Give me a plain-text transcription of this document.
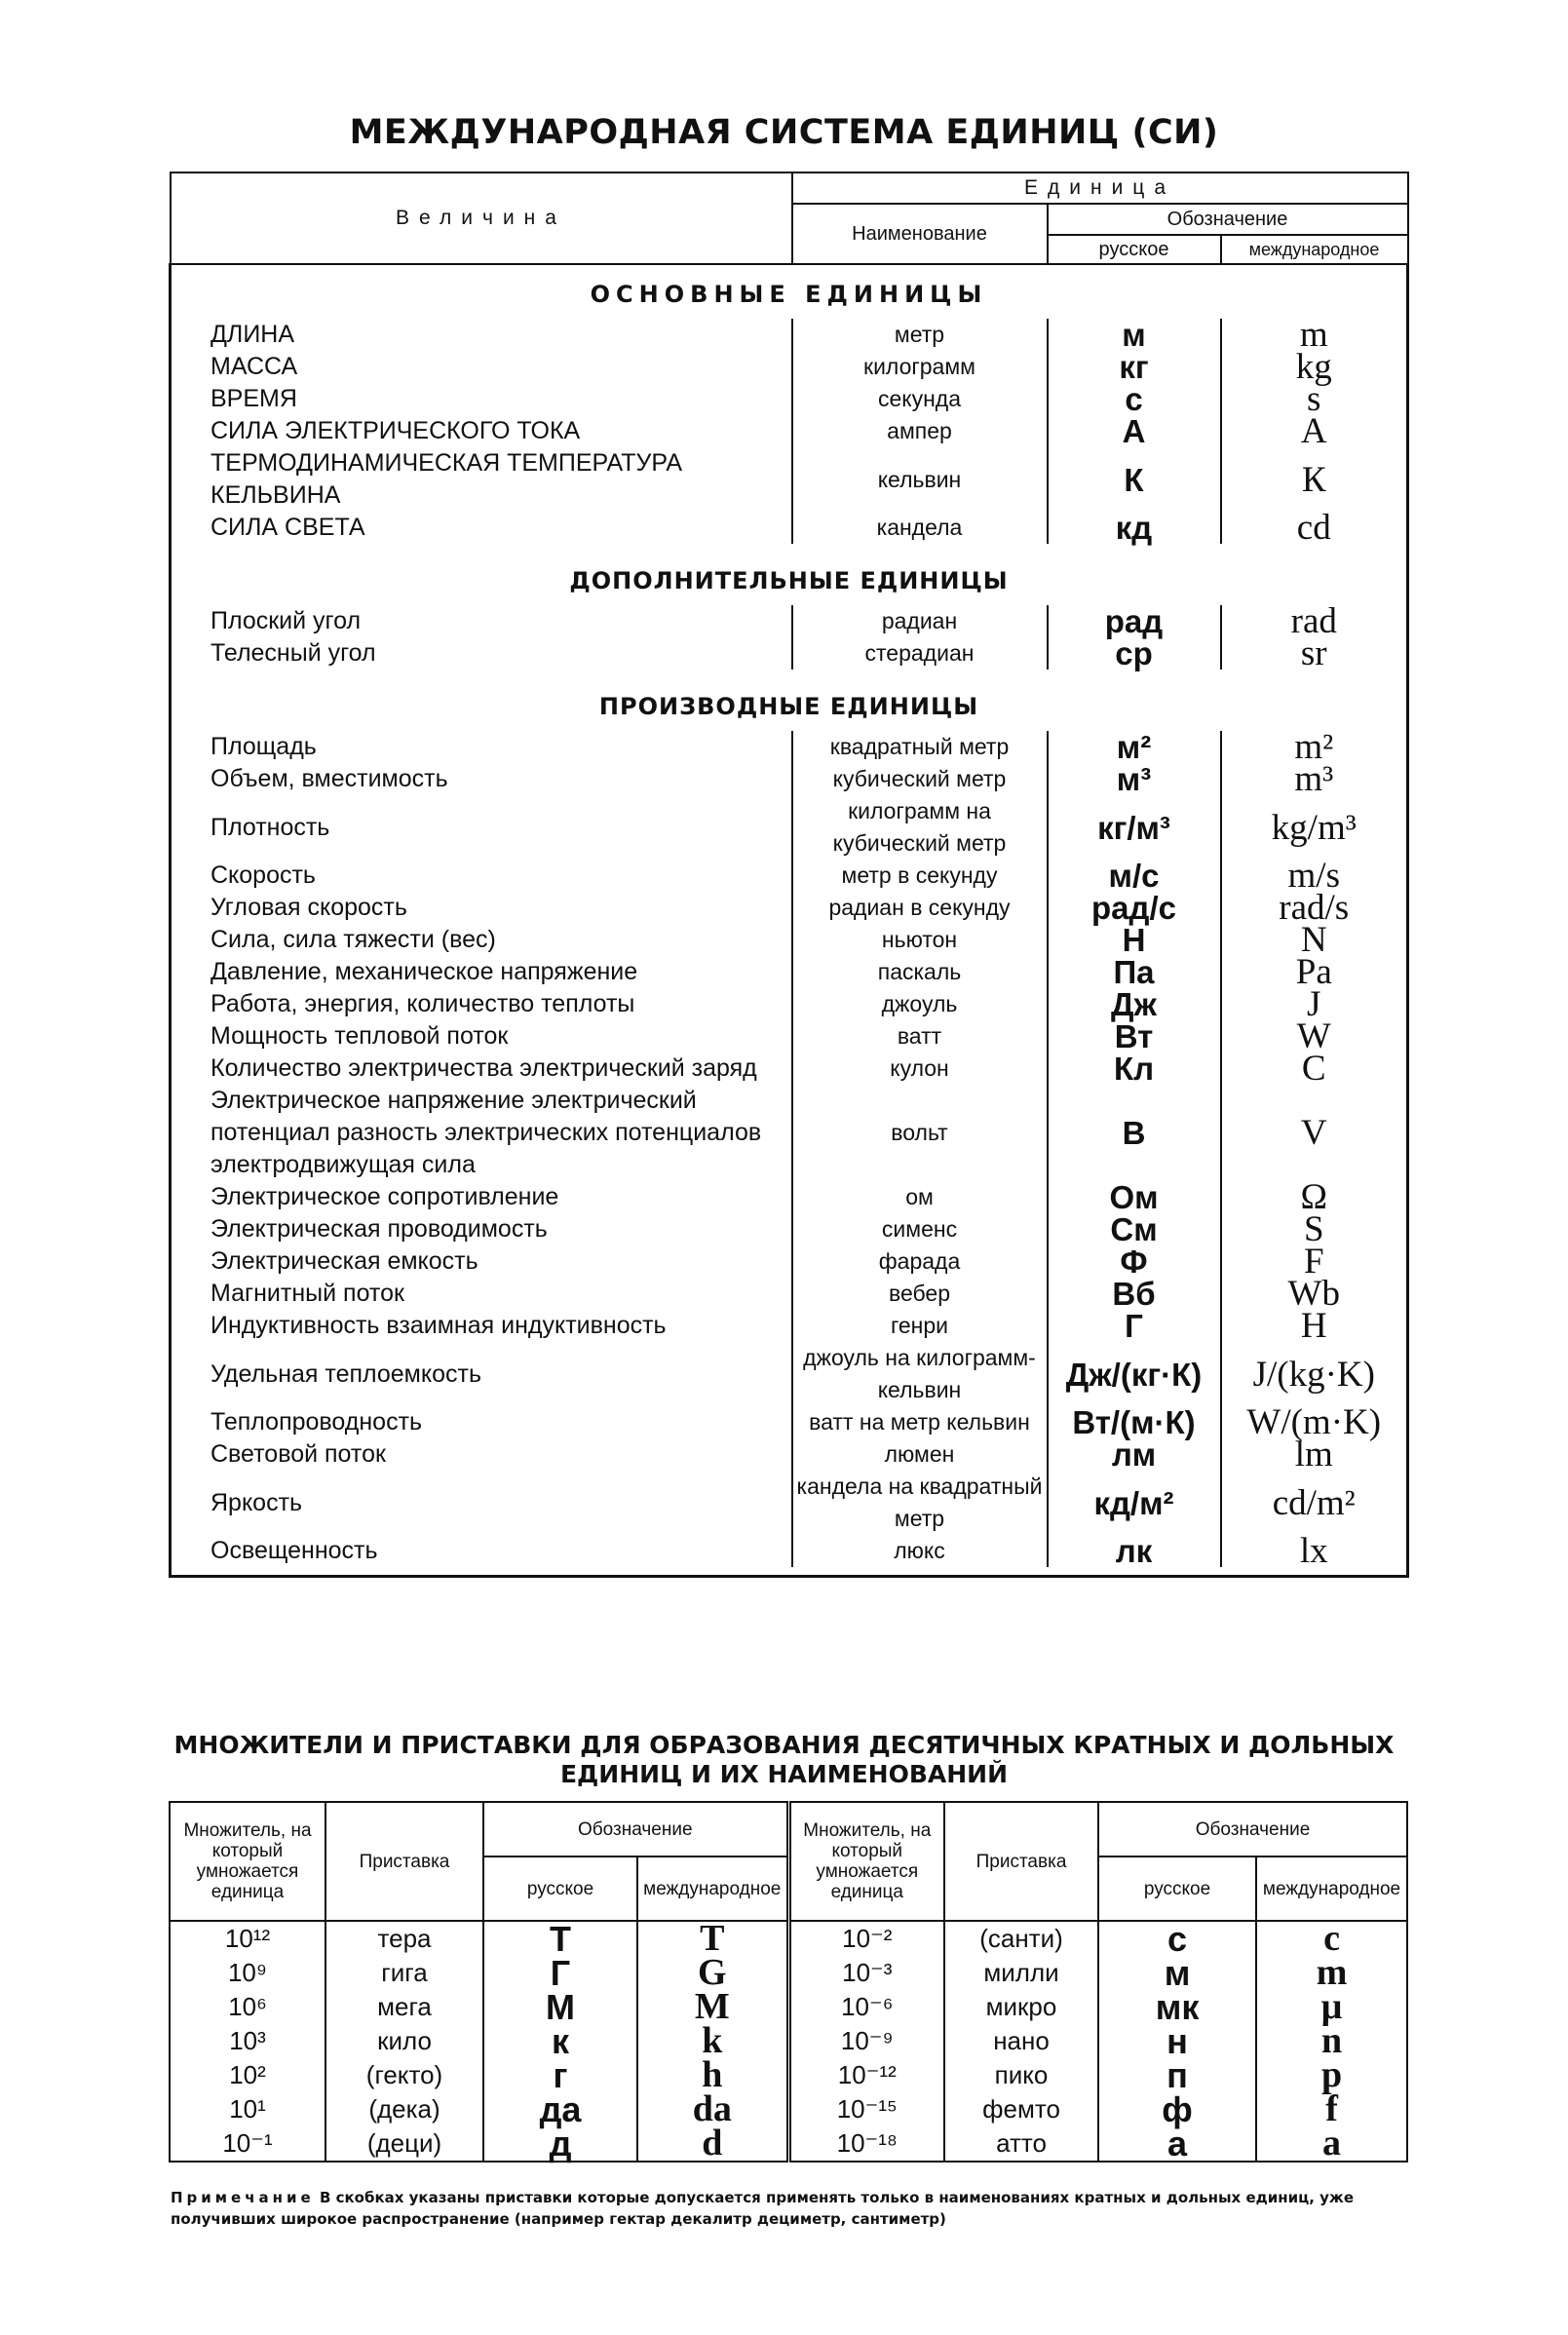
МЕЖДУНАРОДНАЯ СИСТЕМА ЕДИНИЦ (СИ)
Величина	Единица		
	Наименование	Обозначение	
		русское	международное
ОСНОВНЫЕ ЕДИНИЦЫ			
ДЛИНА	метр	м	m
МАССА	килограмм	кг	kg
ВРЕМЯ	секунда	с	s
СИЛА ЭЛЕКТРИЧЕСКОГО ТОКА	ампер	А	А
ТЕРМОДИНАМИЧЕСКАЯ ТЕМПЕРАТУРА КЕЛЬВИНА	кельвин	К	К
СИЛА СВЕТА	кандела	кд	cd

ДОПОЛНИТЕЛЬНЫЕ ЕДИНИЦЫ			
Плоский угол	радиан	рад	rad
Телесный угол	стерадиан	ср	sr

ПРОИЗВОДНЫЕ ЕДИНИЦЫ			
Площадь	квадратный метр	м²	m²
Объем, вместимость	кубический метр	м³	m³
Плотность	килограмм на кубический метр	кг/м³	kg/m³
Скорость	метр в секунду	м/с	m/s
Угловая скорость	радиан в секунду	рад/с	rad/s
Сила, сила тяжести (вес)	ньютон	Н	N
Давление, механическое напряжение	паскаль	Па	Pa
Работа, энергия, количество теплоты	джоуль	Дж	J
Мощность тепловой поток	ватт	Вт	W
Количество электричества электрический заряд	кулон	Кл	C
Электрическое напряжение электрический потенциал разность электрических потенциалов электродвижущая сила	вольт	В	V
Электрическое сопротивление	ом	Ом	Ω
Электрическая проводимость	сименс	См	S
Электрическая емкость	фарада	Ф	F
Магнитный поток	вебер	Вб	Wb
Индуктивность взаимная индуктивность	генри	Г	H
Удельная теплоемкость	джоуль на килограмм-кельвин	Дж/(кг·К)	J/(kg·K)
Теплопроводность	ватт на метр кельвин	Вт/(м·К)	W/(m·K)
Световой поток	люмен	лм	lm
Яркость	кандела на квадратный метр	кд/м²	cd/m²
Освещенность	люкс	лк	lx

МНОЖИТЕЛИ И ПРИСТАВКИ ДЛЯ ОБРАЗОВАНИЯ ДЕСЯТИЧНЫХ КРАТНЫХ И ДОЛЬНЫХ
ЕДИНИЦ И ИХ НАИМЕНОВАНИЙ
Множитель, на который умножается единица	Приставка	Обозначение		Множитель, на который умножается единица	Приставка	Обозначение	
		русское	международное			русское	международное
10¹²	тера	Т	T	10⁻²	(санти)	с	c
10⁹	гига	Г	G	10⁻³	милли	м	m
10⁶	мега	М	M	10⁻⁶	микро	мк	μ
10³	кило	к	k	10⁻⁹	нано	н	n
10²	(гекто)	г	h	10⁻¹²	пико	п	p
10¹	(дека)	да	da	10⁻¹⁵	фемто	ф	f
10⁻¹	(деци)	д	d	10⁻¹⁸	атто	а	a
Примечание В скобках указаны приставки которые допускается применять только в наименованиях кратных и дольных единиц, уже получивших широкое распространение (например гектар декалитр дециметр, сантиметр)
